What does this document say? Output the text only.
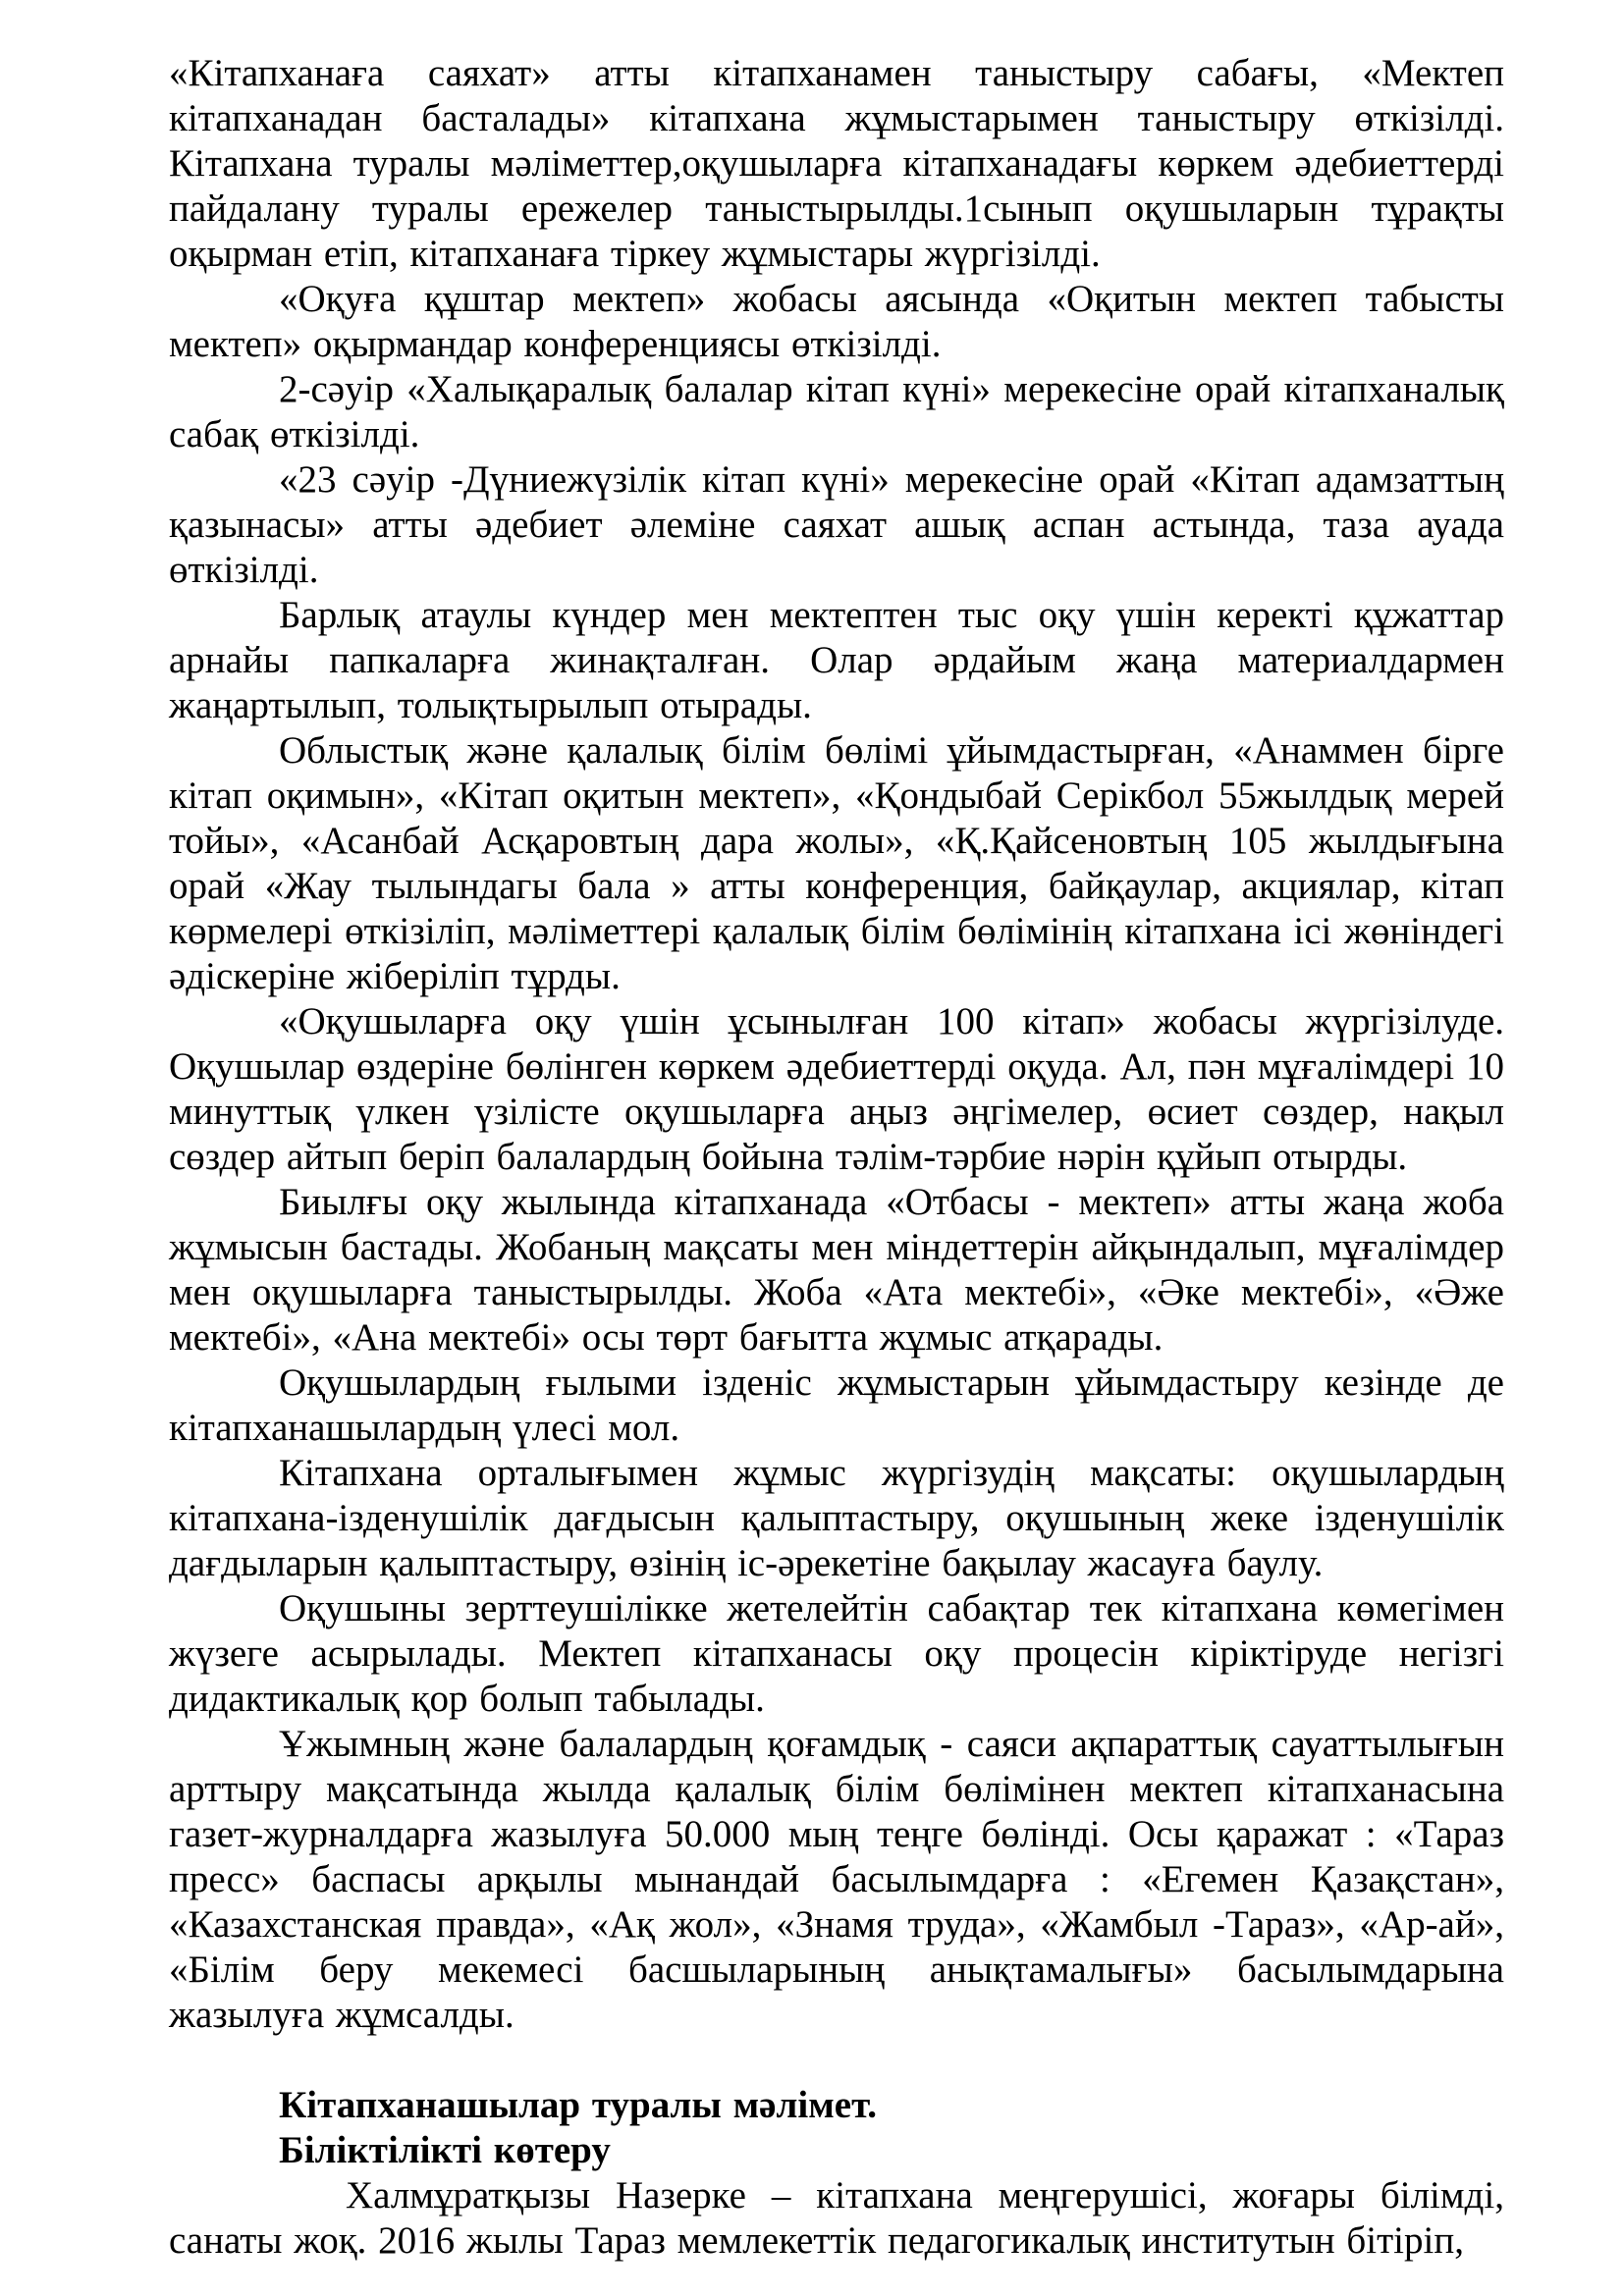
«Кітапханаға саяхат» атты кітапханамен таныстыру сабағы, «Мектеп кітапханадан басталады» кітапхана жұмыстарымен таныстыру өткізілді. Кітапхана туралы мәліметтер,оқушыларға кітапханадағы көркем әдебиеттерді пайдалану туралы ережелер таныстырылды.1сынып оқушыларын тұрақты оқырман етіп, кітапханаға тіркеу жұмыстары жүргізілді.

«Оқуға құштар мектеп» жобасы аясында «Оқитын мектеп табысты мектеп» оқырмандар конференциясы өткізілді.

2-сәуір «Халықаралық балалар кітап күні» мерекесіне орай кітапханалық сабақ өткізілді.

«23 сәуір -Дүниежүзілік кітап күні» мерекесіне орай «Кітап адамзаттың қазынасы» атты әдебиет әлеміне саяхат ашық аспан астында, таза ауада өткізілді.

Барлық атаулы күндер мен мектептен тыс оқу үшін керекті құжаттар арнайы папкаларға жинақталған. Олар әрдайым жаңа материалдармен жаңартылып, толықтырылып отырады.

Облыстық және қалалық білім бөлімі ұйымдастырған, «Анаммен бірге кітап оқимын», «Кітап оқитын мектеп», «Қондыбай Серікбол 55жылдық мерей тойы», «Асанбай Асқаровтың дара жолы», «Қ.Қайсеновтың 105 жылдығына орай «Жау тылындагы бала » атты конференция, байқаулар, акциялар, кітап көрмелері өткізіліп, мәліметтері қалалық білім бөлімінің кітапхана ісі жөніндегі әдіскеріне жіберіліп тұрды.

«Оқушыларға оқу үшін ұсынылған 100 кітап» жобасы жүргізілуде. Оқушылар өздеріне бөлінген көркем әдебиеттерді оқуда. Ал, пән мұғалімдері 10 минуттық үлкен үзілісте оқушыларға аңыз әңгімелер, өсиет сөздер, нақыл сөздер айтып беріп балалардың бойына тәлім-тәрбие нәрін құйып отырды.

Биылғы оқу жылында кітапханада «Отбасы - мектеп» атты жаңа жоба жұмысын бастады. Жобаның мақсаты мен міндеттерін айқындалып, мұғалімдер мен оқушыларға таныстырылды. Жоба «Ата мектебі», «Әке мектебі», «Әже мектебі», «Ана мектебі» осы төрт бағытта жұмыс атқарады.

Оқушылардың ғылыми ізденіс жұмыстарын ұйымдастыру кезінде де кітапханашылардың үлесі мол.

Кітапхана орталығымен жұмыс жүргізудің мақсаты: оқушылардың кітапхана-ізденушілік дағдысын қалыптастыру, оқушының жеке ізденушілік дағдыларын қалыптастыру, өзінің іс-әрекетіне бақылау жасауға баулу.

Оқушыны зерттеушілікке жетелейтін сабақтар тек кітапхана көмегімен жүзеге асырылады. Мектеп кітапханасы оқу процесін кіріктіруде негізгі дидактикалық қор болып табылады.

Ұжымның және балалардың қоғамдық - саяси ақпараттық сауаттылығын арттыру мақсатында жылда қалалық білім бөлімінен мектеп кітапханасына газет-журналдарға жазылуға 50.000 мың теңге бөлінді. Осы қаражат : «Тараз пресс» баспасы арқылы мынандай басылымдарға : «Егемен Қазақстан», «Казахстанская правда», «Ақ жол», «Знамя труда», «Жамбыл -Тараз», «Ар-ай», «Білім беру мекемесі басшыларының анықтамалығы» басылымдарына жазылуға жұмсалды.

Кітапханашылар туралы мәлімет.

Біліктілікті көтеру

Халмұратқызы Назерке – кітапхана меңгерушісі, жоғары білімді, санаты жоқ. 2016 жылы Тараз мемлекеттік педагогикалық институтын бітіріп,
